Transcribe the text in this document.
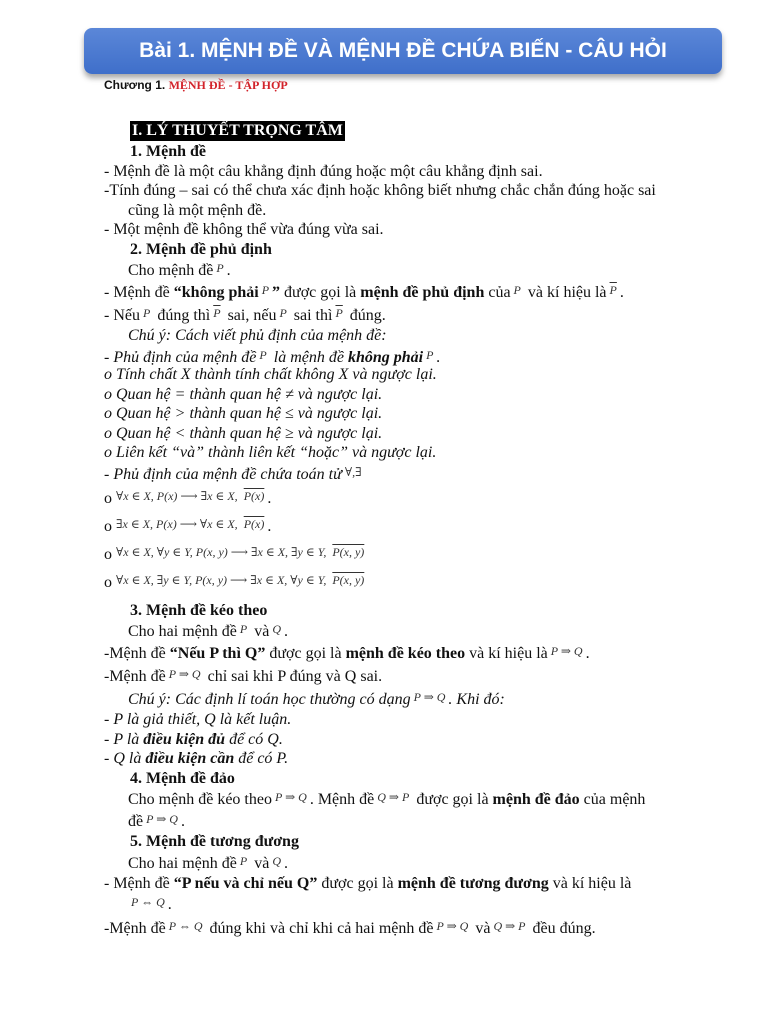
Bài 1. MỆNH ĐỀ VÀ MỆNH ĐỀ CHỨA BIẾN - CÂU HỎI
Chương 1. MỆNH ĐỀ - TẬP HỢP
I. LÝ THUYẾT TRỌNG TÂM
1. Mệnh đề
- Mệnh đề là một câu khẳng định đúng hoặc một câu khẳng định sai.
-Tính đúng – sai có thể chưa xác định hoặc không biết nhưng chắc chắn đúng hoặc sai
cũng là một mệnh đề.
- Một mệnh đề không thể vừa đúng vừa sai.
2. Mệnh đề phủ định
Cho mệnh đề P .
- Mệnh đề “không phải P ” được gọi là mệnh đề phủ định của P và kí hiệu là $\overline{P}$ .
- Nếu P đúng thì $\overline{P}$ sai, nếu P sai thì $\overline{P}$ đúng.
Chú ý: Cách viết phủ định của mệnh đề:
- Phủ định của mệnh đề P là mệnh đề không phải P .
o Tính chất X thành tính chất không X và ngược lại.
o Quan hệ = thành quan hệ ≠ và ngược lại.
o Quan hệ > thành quan hệ ≤ và ngược lại.
o Quan hệ < thành quan hệ ≥ và ngược lại.
o Liên kết “và” thành liên kết “hoặc” và ngược lại.
- Phủ định của mệnh đề chứa toán tử ∀,∃
o ∀x ∈ X, P(x) ⟶ ∃x ∈ X, P(x) .
o ∃x ∈ X, P(x) ⟶ ∀x ∈ X, P(x) .
o ∀x ∈ X, ∀y ∈ Y, P(x, y) ⟶ ∃x ∈ X, ∃y ∈ Y, P(x, y)
o ∀x ∈ X, ∃y ∈ Y, P(x, y) ⟶ ∃x ∈ X, ∀y ∈ Y, P(x, y)
3. Mệnh đề kéo theo
Cho hai mệnh đề P và Q .
-Mệnh đề “Nếu P thì Q” được gọi là mệnh đề kéo theo và kí hiệu là P ⇒ Q .
-Mệnh đề P ⇒ Q chỉ sai khi P đúng và Q sai.
Chú ý: Các định lí toán học thường có dạng P ⇒ Q . Khi đó:
- P là giả thiết, Q là kết luận.
- P là điều kiện đủ để có Q.
- Q là điều kiện cần để có P.
4. Mệnh đề đảo
Cho mệnh đề kéo theo P ⇒ Q . Mệnh đề Q ⇒ P được gọi là mệnh đề đảo của mệnh
đề P ⇒ Q .
5. Mệnh đề tương đương
Cho hai mệnh đề P và Q .
- Mệnh đề “P nếu và chỉ nếu Q” được gọi là mệnh đề tương đương và kí hiệu là
P ⇔ Q .
-Mệnh đề P ⇔ Q đúng khi và chỉ khi cả hai mệnh đề P ⇒ Q và Q ⇒ P đều đúng.
